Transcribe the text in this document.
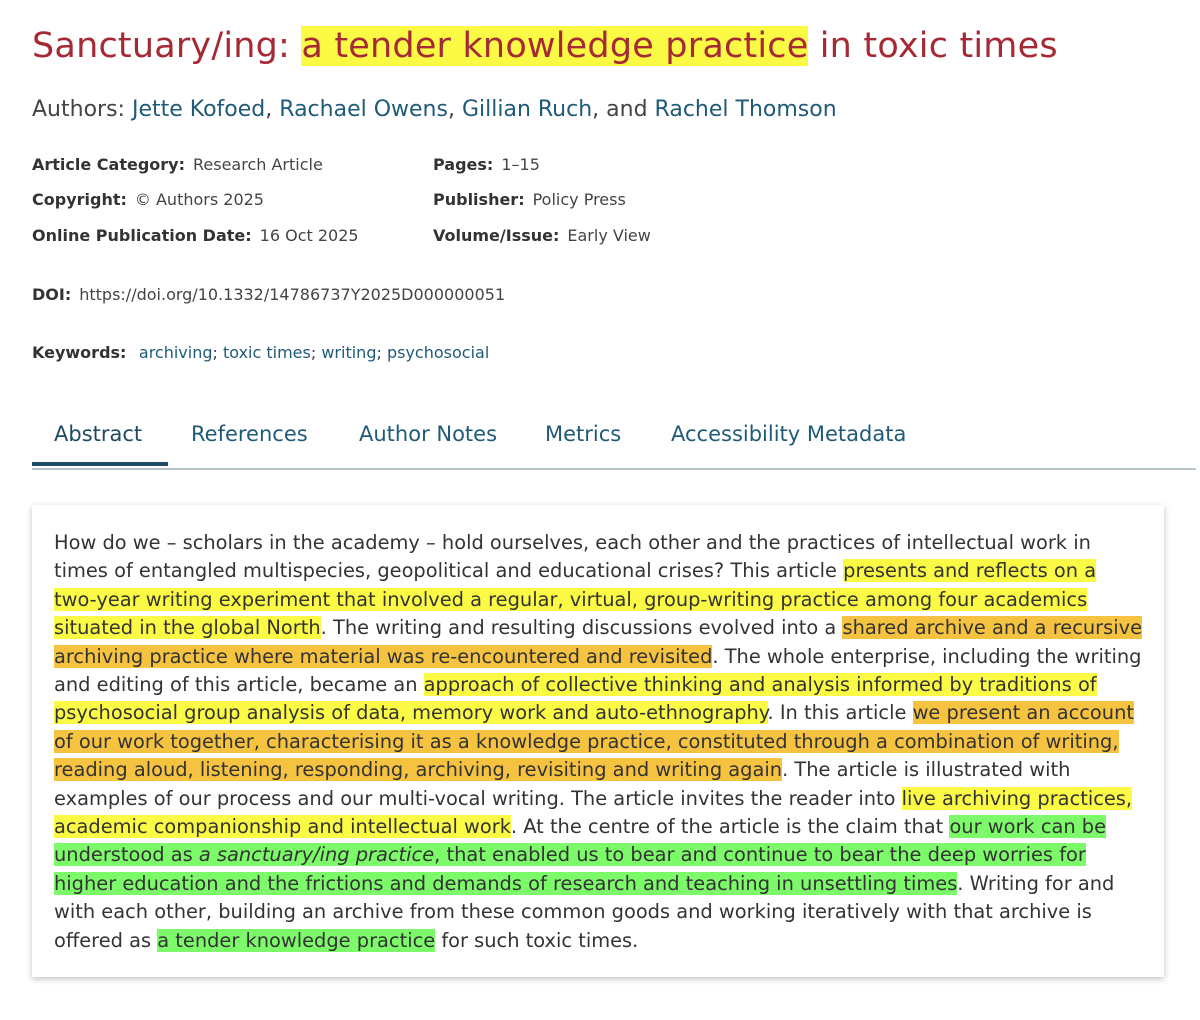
Sanctuary/ing: a tender knowledge practice in toxic times
Authors: Jette Kofoed, Rachael Owens, Gillian Ruch, and Rachel Thomson
Article Category: Research Article
Copyright: © Authors 2025
Online Publication Date: 16 Oct 2025
Pages: 1–15
Publisher: Policy Press
Volume/Issue: Early View
DOI: https://doi.org/10.1332/14786737Y2025D000000051
Keywords: archiving; toxic times; writing; psychosocial
Abstract References Author Notes Metrics Accessibility Metadata

How do we – scholars in the academy – hold ourselves, each other and the practices of intellectual work in times of entangled multispecies, geopolitical and educational crises? This article presents and reflects on a two-year writing experiment that involved a regular, virtual, group-writing practice among four academics situated in the global North. The writing and resulting discussions evolved into a shared archive and a recursive archiving practice where material was re-encountered and revisited. The whole enterprise, including the writing and editing of this article, became an approach of collective thinking and analysis informed by traditions of psychosocial group analysis of data, memory work and auto-ethnography. In this article we present an account of our work together, characterising it as a knowledge practice, constituted through a combination of writing, reading aloud, listening, responding, archiving, revisiting and writing again. The article is illustrated with examples of our process and our multi-vocal writing. The article invites the reader into live archiving practices, academic companionship and intellectual work. At the centre of the article is the claim that our work can be understood as a sanctuary/ing practice, that enabled us to bear and continue to bear the deep worries for higher education and the frictions and demands of research and teaching in unsettling times. Writing for and with each other, building an archive from these common goods and working iteratively with that archive is offered as a tender knowledge practice for such toxic times.
